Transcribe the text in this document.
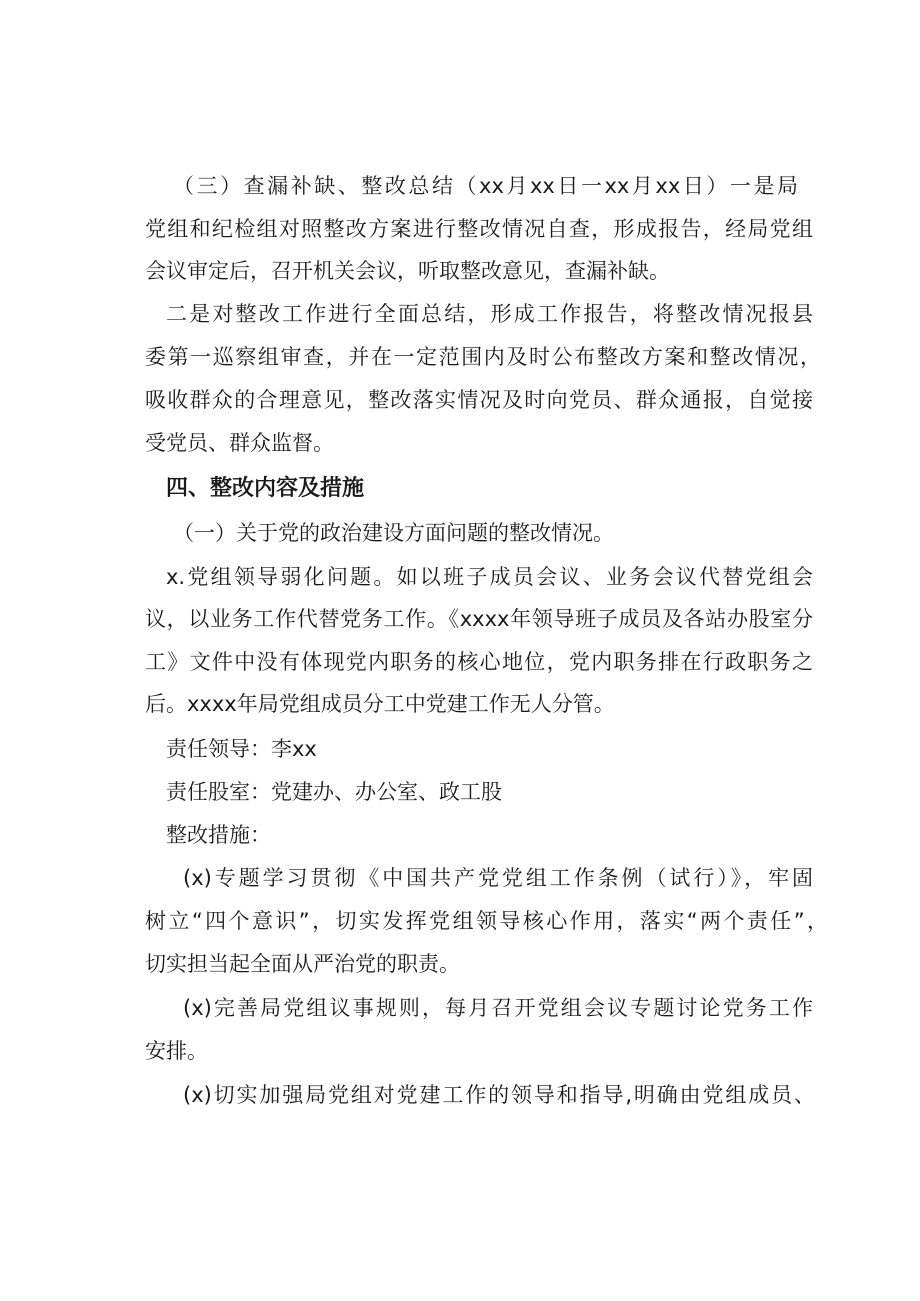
（三）查漏补缺、整改总结（xx月xx日一xx月xx日）一是局
党组和纪检组对照整改方案进行整改情况自查，形成报告，经局党组
会议审定后，召开机关会议，听取整改意见，查漏补缺。
二是对整改工作进行全面总结，形成工作报告，将整改情况报县
委第一巡察组审查，并在一定范围内及时公布整改方案和整改情况，
吸收群众的合理意见，整改落实情况及时向党员、群众通报，自觉接
受党员、群众监督。
四、整改内容及措施
（一）关于党的政治建设方面问题的整改情况。
x.党组领导弱化问题。如以班子成员会议、业务会议代替党组会
议，以业务工作代替党务工作。《xxxx年领导班子成员及各站办股室分
工》文件中没有体现党内职务的核心地位，党内职务排在行政职务之
后。xxxx年局党组成员分工中党建工作无人分管。
责任领导：李xx
责任股室：党建办、办公室、政工股
整改措施：
(x)专题学习贯彻《中国共产党党组工作条例（试行）》，牢固
树立“四个意识”，切实发挥党组领导核心作用，落实“两个责任”，
切实担当起全面从严治党的职责。
(x)完善局党组议事规则，每月召开党组会议专题讨论党务工作
安排。
(x)切实加强局党组对党建工作的领导和指导,明确由党组成员、
